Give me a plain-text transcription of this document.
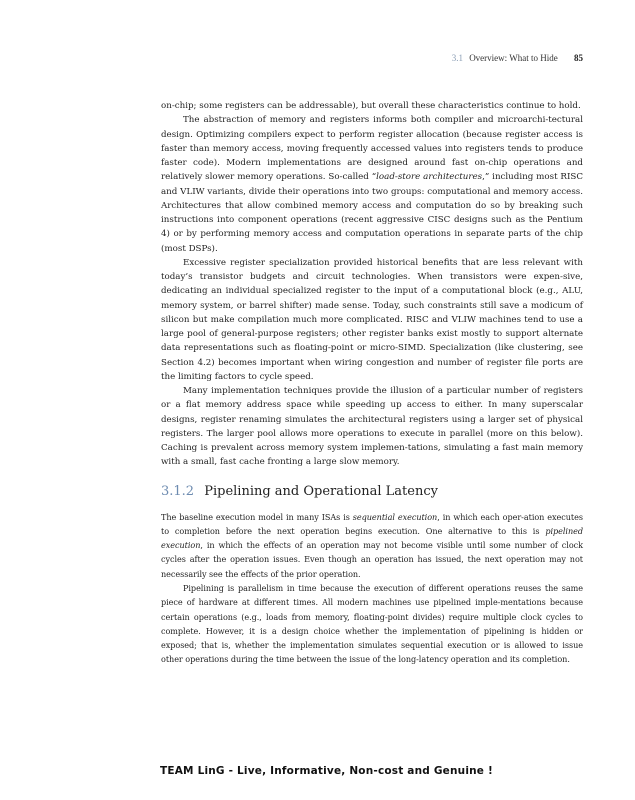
3.1 Overview: What to Hide 85

on-chip; some registers can be addressable), but overall these characteristics continue to hold.

The abstraction of memory and registers informs both compiler and microarchi-tectural design. Optimizing compilers expect to perform register allocation (because register access is faster than memory access, moving frequently accessed values into registers tends to produce faster code). Modern implementations are designed around fast on-chip operations and relatively slower memory operations. So-called “load-store architectures,” including most RISC and VLIW variants, divide their operations into two groups: computational and memory access. Architectures that allow combined memory access and computation do so by breaking such instructions into component operations (recent aggressive CISC designs such as the Pentium 4) or by performing memory access and computation operations in separate parts of the chip (most DSPs).

Excessive register specialization provided historical benefits that are less relevant with today’s transistor budgets and circuit technologies. When transistors were expen-sive, dedicating an individual specialized register to the input of a computational block (e.g., ALU, memory system, or barrel shifter) made sense. Today, such constraints still save a modicum of silicon but make compilation much more complicated. RISC and VLIW machines tend to use a large pool of general-purpose registers; other register banks exist mostly to support alternate data representations such as floating-point or micro-SIMD. Specialization (like clustering, see Section 4.2) becomes important when wiring congestion and number of register file ports are the limiting factors to cycle speed.

Many implementation techniques provide the illusion of a particular number of registers or a flat memory address space while speeding up access to either. In many superscalar designs, register renaming simulates the architectural registers using a larger set of physical registers. The larger pool allows more operations to execute in parallel (more on this below). Caching is prevalent across memory system implemen-tations, simulating a fast main memory with a small, fast cache fronting a large slow memory.

3.1.2 Pipelining and Operational Latency

The baseline execution model in many ISAs is sequential execution, in which each oper-ation executes to completion before the next operation begins execution. One alternative to this is pipelined execution, in which the effects of an operation may not become visible until some number of clock cycles after the operation issues. Even though an operation has issued, the next operation may not necessarily see the effects of the prior operation.

Pipelining is parallelism in time because the execution of different operations reuses the same piece of hardware at different times. All modern machines use pipelined imple-mentations because certain operations (e.g., loads from memory, floating-point divides) require multiple clock cycles to complete. However, it is a design choice whether the implementation of pipelining is hidden or exposed; that is, whether the implementation simulates sequential execution or is allowed to issue other operations during the time between the issue of the long-latency operation and its completion.

TEAM LinG - Live, Informative, Non-cost and Genuine !
